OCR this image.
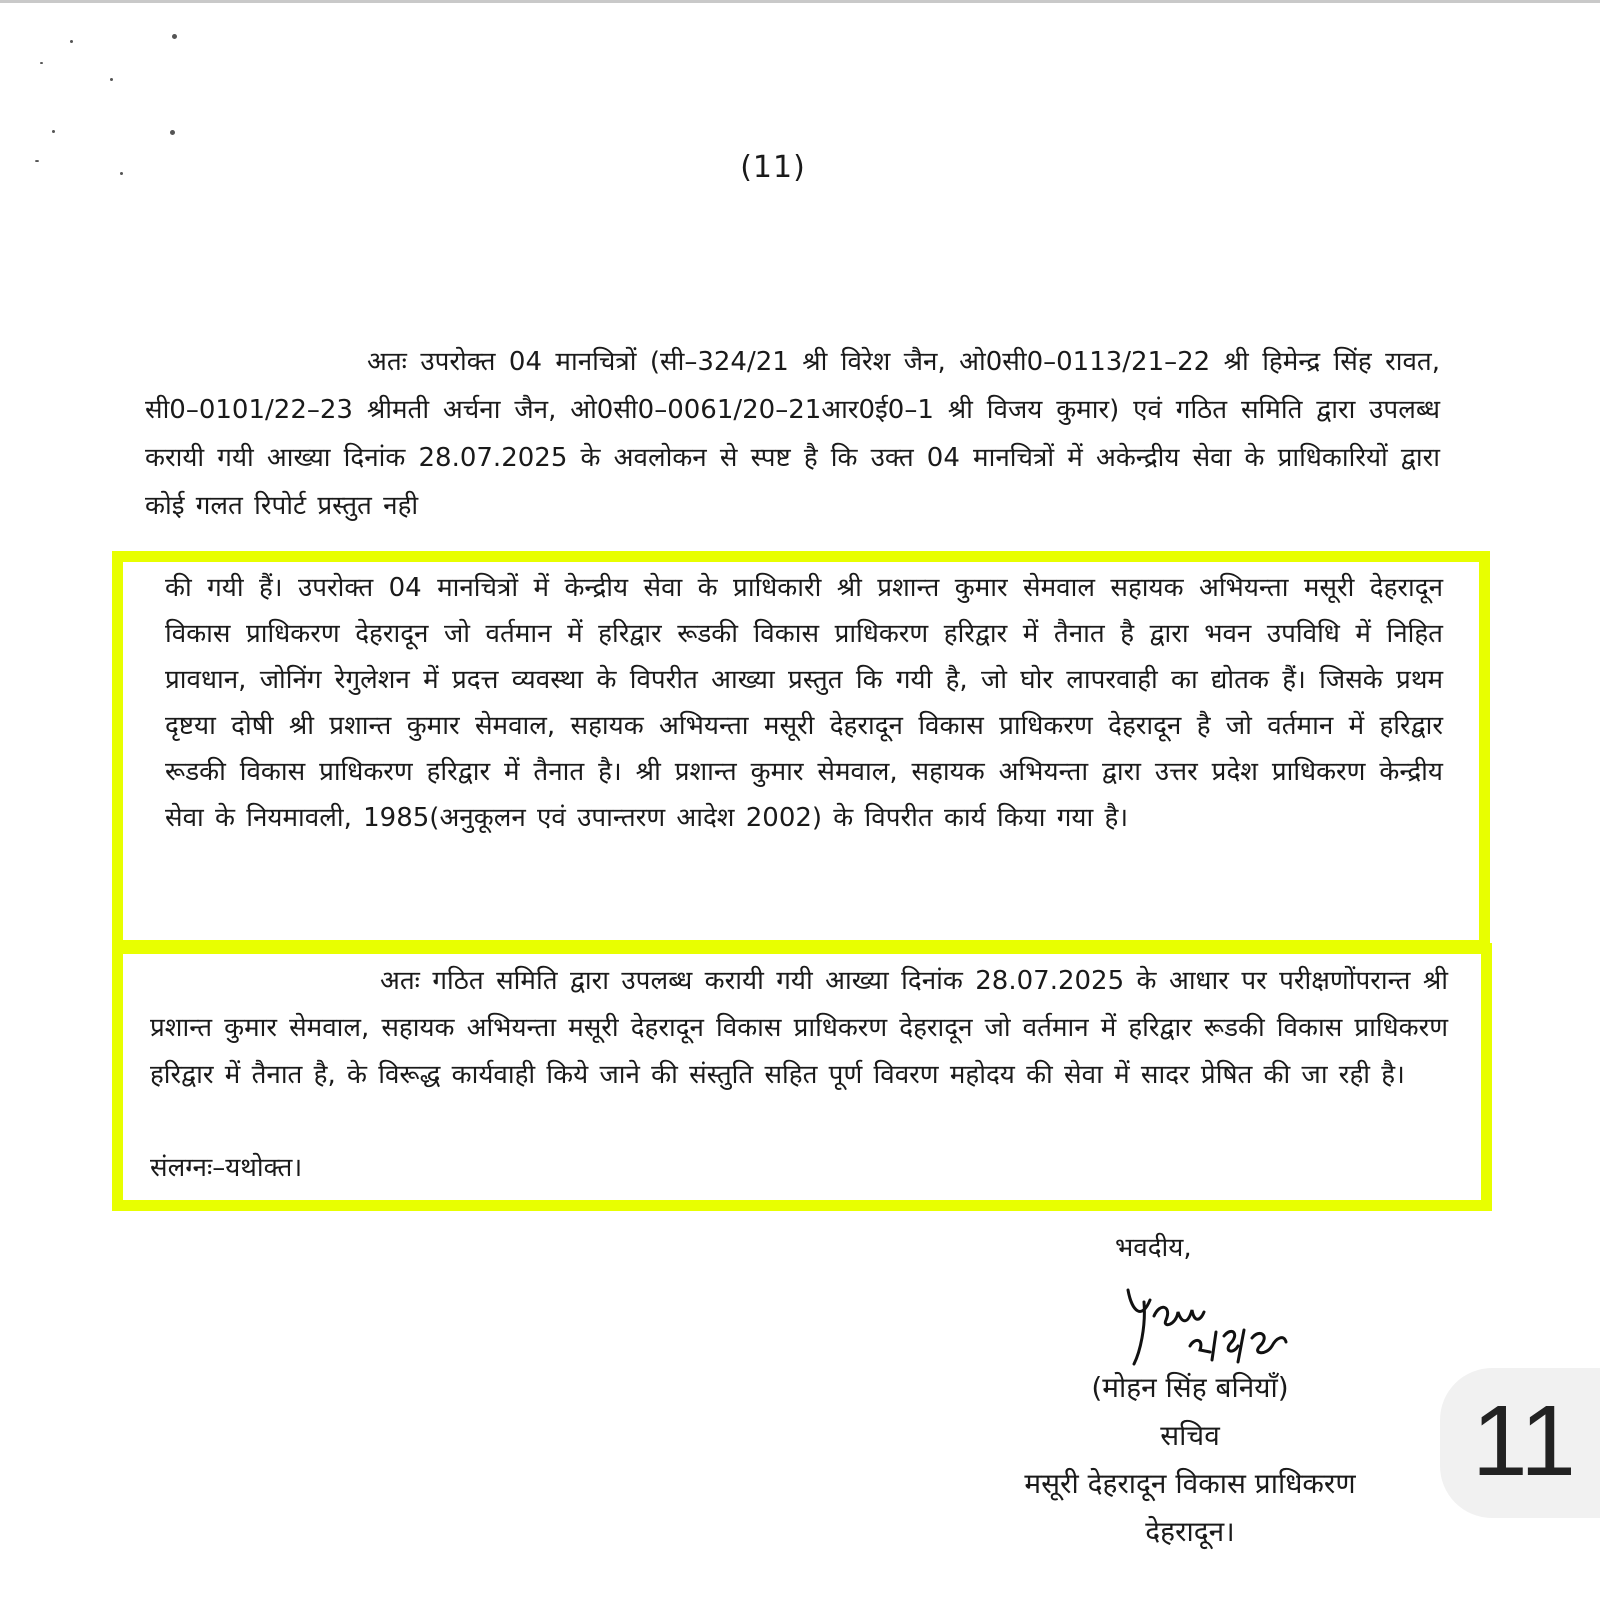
(11)
अतः उपरोक्त 04 मानचित्रों (सी–324/21 श्री विरेश जैन, ओ0सी0–0113/21–22 श्री हिमेन्द्र सिंह रावत, सी0–0101/22–23 श्रीमती अर्चना जैन, ओ0सी0–0061/20–21आर0ई0–1 श्री विजय कुमार) एवं गठित समिति द्वारा उपलब्ध करायी गयी आख्या दिनांक 28.07.2025 के अवलोकन से स्पष्ट है कि उक्त 04 मानचित्रों में अकेन्द्रीय सेवा के प्राधिकारियों द्वारा कोई गलत रिपोर्ट प्रस्तुत नही
की गयी हैं। उपरोक्त 04 मानचित्रों में केन्द्रीय सेवा के प्राधिकारी श्री प्रशान्त कुमार सेमवाल सहायक अभियन्ता मसूरी देहरादून विकास प्राधिकरण देहरादून जो वर्तमान में हरिद्वार रूडकी विकास प्राधिकरण हरिद्वार में तैनात है द्वारा भवन उपविधि में निहित प्रावधान, जोनिंग रेगुलेशन में प्रदत्त व्यवस्था के विपरीत आख्या प्रस्तुत कि गयी है, जो घोर लापरवाही का द्योतक हैं। जिसके प्रथम दृष्टया दोषी श्री प्रशान्त कुमार सेमवाल, सहायक अभियन्ता मसूरी देहरादून विकास प्राधिकरण देहरादून है जो वर्तमान में हरिद्वार रूडकी विकास प्राधिकरण हरिद्वार में तैनात है। श्री प्रशान्त कुमार सेमवाल, सहायक अभियन्ता द्वारा उत्तर प्रदेश प्राधिकरण केन्द्रीय सेवा के नियमावली, 1985(अनुकूलन एवं उपान्तरण आदेश 2002) के विपरीत कार्य किया गया है।
अतः गठित समिति द्वारा उपलब्ध करायी गयी आख्या दिनांक 28.07.2025 के आधार पर परीक्षणोंपरान्त श्री प्रशान्त कुमार सेमवाल, सहायक अभियन्ता मसूरी देहरादून विकास प्राधिकरण देहरादून जो वर्तमान में हरिद्वार रूडकी विकास प्राधिकरण हरिद्वार में तैनात है, के विरूद्ध कार्यवाही किये जाने की संस्तुति सहित पूर्ण विवरण महोदय की सेवा में सादर प्रेषित की जा रही है।
संलग्नः–यथोक्त।
भवदीय,
(मोहन सिंह बनियाँ)
सचिव
मसूरी देहरादून विकास प्राधिकरण
देहरादून।
11
